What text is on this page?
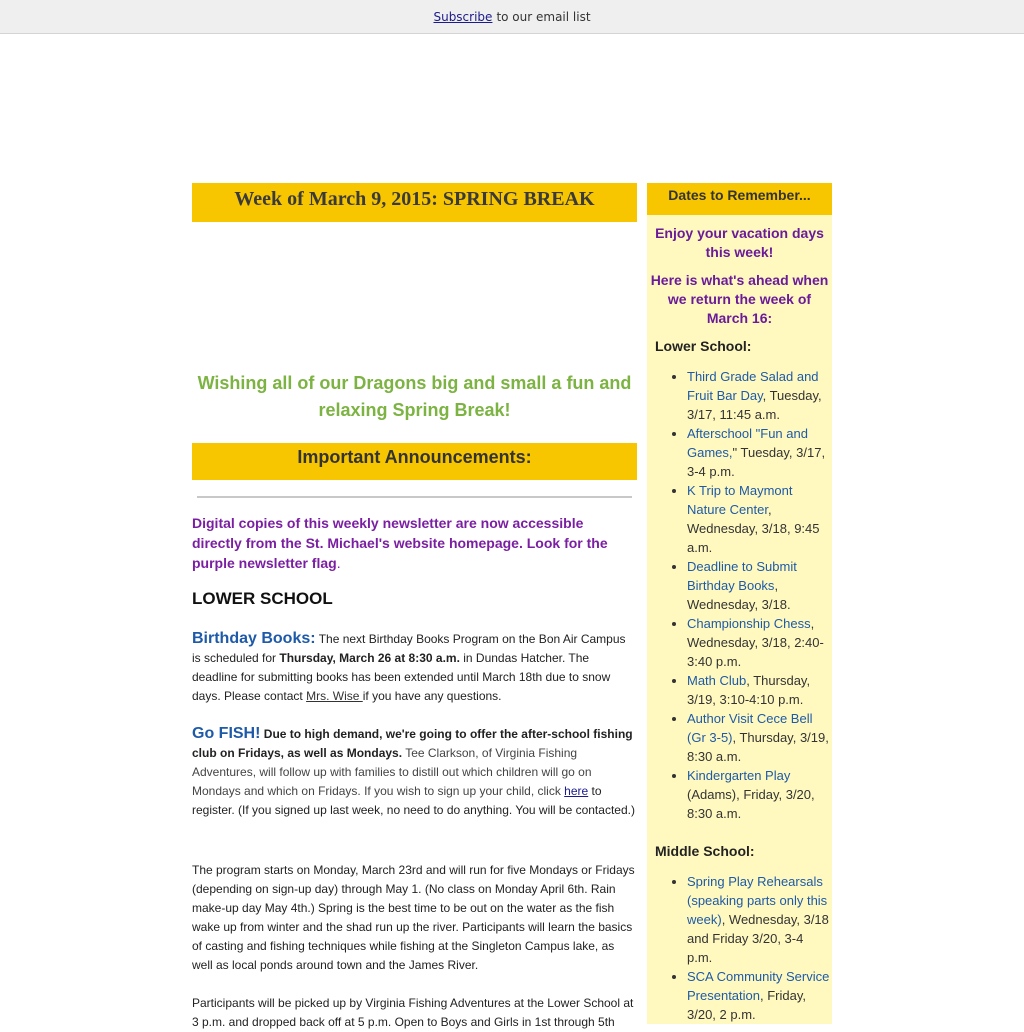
Subscribe to our email list
Week of March 9, 2015: SPRING BREAK
Wishing all of our Dragons big and small a fun and relaxing Spring Break!
Important Announcements:
Digital copies of this weekly newsletter are now accessible directly from the St. Michael's website homepage. Look for the purple newsletter flag.
LOWER SCHOOL
Birthday Books: The next Birthday Books Program on the Bon Air Campus is scheduled for Thursday, March 26 at 8:30 a.m. in Dundas Hatcher. The deadline for submitting books has been extended until March 18th due to snow days. Please contact Mrs. Wise if you have any questions.
Go FISH! Due to high demand, we're going to offer the after-school fishing club on Fridays, as well as Mondays. Tee Clarkson, of Virginia Fishing Adventures, will follow up with families to distill out which children will go on Mondays and which on Fridays. If you wish to sign up your child, click here to register. (If you signed up last week, no need to do anything. You will be contacted.)
The program starts on Monday, March 23rd and will run for five Mondays or Fridays (depending on sign-up day) through May 1. (No class on Monday April 6th. Rain make-up day May 4th.) Spring is the best time to be out on the water as the fish wake up from winter and the shad run up the river. Participants will learn the basics of casting and fishing techniques while fishing at the Singleton Campus lake, as well as local ponds around town and the James River.
Participants will be picked up by Virginia Fishing Adventures at the Lower School at 3 p.m. and dropped back off at 5 p.m. Open to Boys and Girls in 1st through 5th
Dates to Remember...
Enjoy your vacation days this week!
Here is what's ahead when we return the week of March 16:
Lower School:
• Third Grade Salad and Fruit Bar Day, Tuesday, 3/17, 11:45 a.m.
• Afterschool "Fun and Games," Tuesday, 3/17, 3-4 p.m.
• K Trip to Maymont Nature Center, Wednesday, 3/18, 9:45 a.m.
• Deadline to Submit Birthday Books, Wednesday, 3/18.
• Championship Chess, Wednesday, 3/18, 2:40-3:40 p.m.
• Math Club, Thursday, 3/19, 3:10-4:10 p.m.
• Author Visit Cece Bell (Gr 3-5), Thursday, 3/19, 8:30 a.m.
• Kindergarten Play (Adams), Friday, 3/20, 8:30 a.m.
Middle School:
• Spring Play Rehearsals (speaking parts only this week), Wednesday, 3/18 and Friday 3/20, 3-4 p.m.
• SCA Community Service Presentation, Friday, 3/20, 2 p.m.
